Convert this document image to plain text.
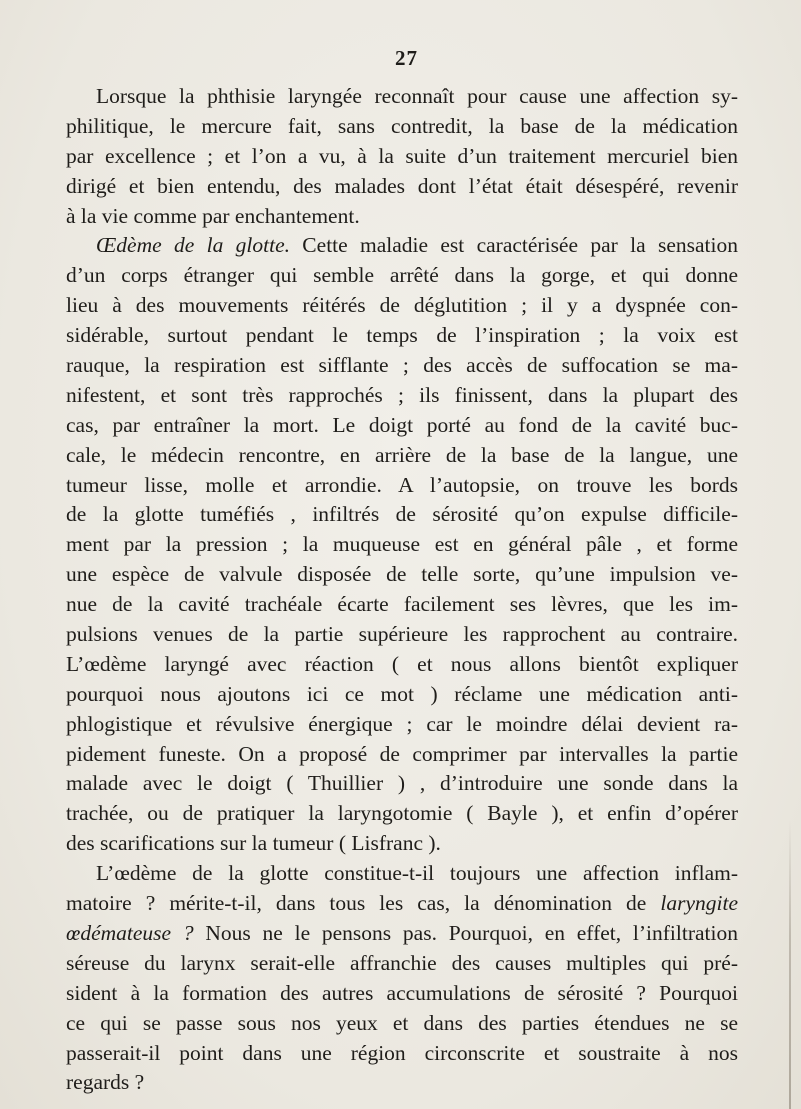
27
Lorsque la phthisie laryngée reconnaît pour cause une affection sy-
philitique, le mercure fait, sans contredit, la base de la médication
par excellence ; et l’on a vu, à la suite d’un traitement mercuriel bien
dirigé et bien entendu, des malades dont l’état était désespéré, revenir
à la vie comme par enchantement.
Œdème de la glotte. Cette maladie est caractérisée par la sensation
d’un corps étranger qui semble arrêté dans la gorge, et qui donne
lieu à des mouvements réitérés de déglutition ; il y a dyspnée con-
sidérable, surtout pendant le temps de l’inspiration ; la voix est
rauque, la respiration est sifflante ; des accès de suffocation se ma-
nifestent, et sont très rapprochés ; ils finissent, dans la plupart des
cas, par entraîner la mort. Le doigt porté au fond de la cavité buc-
cale, le médecin rencontre, en arrière de la base de la langue, une
tumeur lisse, molle et arrondie. A l’autopsie, on trouve les bords
de la glotte tuméfiés , infiltrés de sérosité qu’on expulse difficile-
ment par la pression ; la muqueuse est en général pâle , et forme
une espèce de valvule disposée de telle sorte, qu’une impulsion ve-
nue de la cavité trachéale écarte facilement ses lèvres, que les im-
pulsions venues de la partie supérieure les rapprochent au contraire.
L’œdème laryngé avec réaction ( et nous allons bientôt expliquer
pourquoi nous ajoutons ici ce mot ) réclame une médication anti-
phlogistique et révulsive énergique ; car le moindre délai devient ra-
pidement funeste. On a proposé de comprimer par intervalles la partie
malade avec le doigt ( Thuillier ) , d’introduire une sonde dans la
trachée, ou de pratiquer la laryngotomie ( Bayle ), et enfin d’opérer
des scarifications sur la tumeur ( Lisfranc ).
L’œdème de la glotte constitue-t-il toujours une affection inflam-
matoire ? mérite-t-il, dans tous les cas, la dénomination de laryngite
œdémateuse ? Nous ne le pensons pas. Pourquoi, en effet, l’infiltration
séreuse du larynx serait-elle affranchie des causes multiples qui pré-
sident à la formation des autres accumulations de sérosité ? Pourquoi
ce qui se passe sous nos yeux et dans des parties étendues ne se
passerait-il point dans une région circonscrite et soustraite à nos
regards ?
